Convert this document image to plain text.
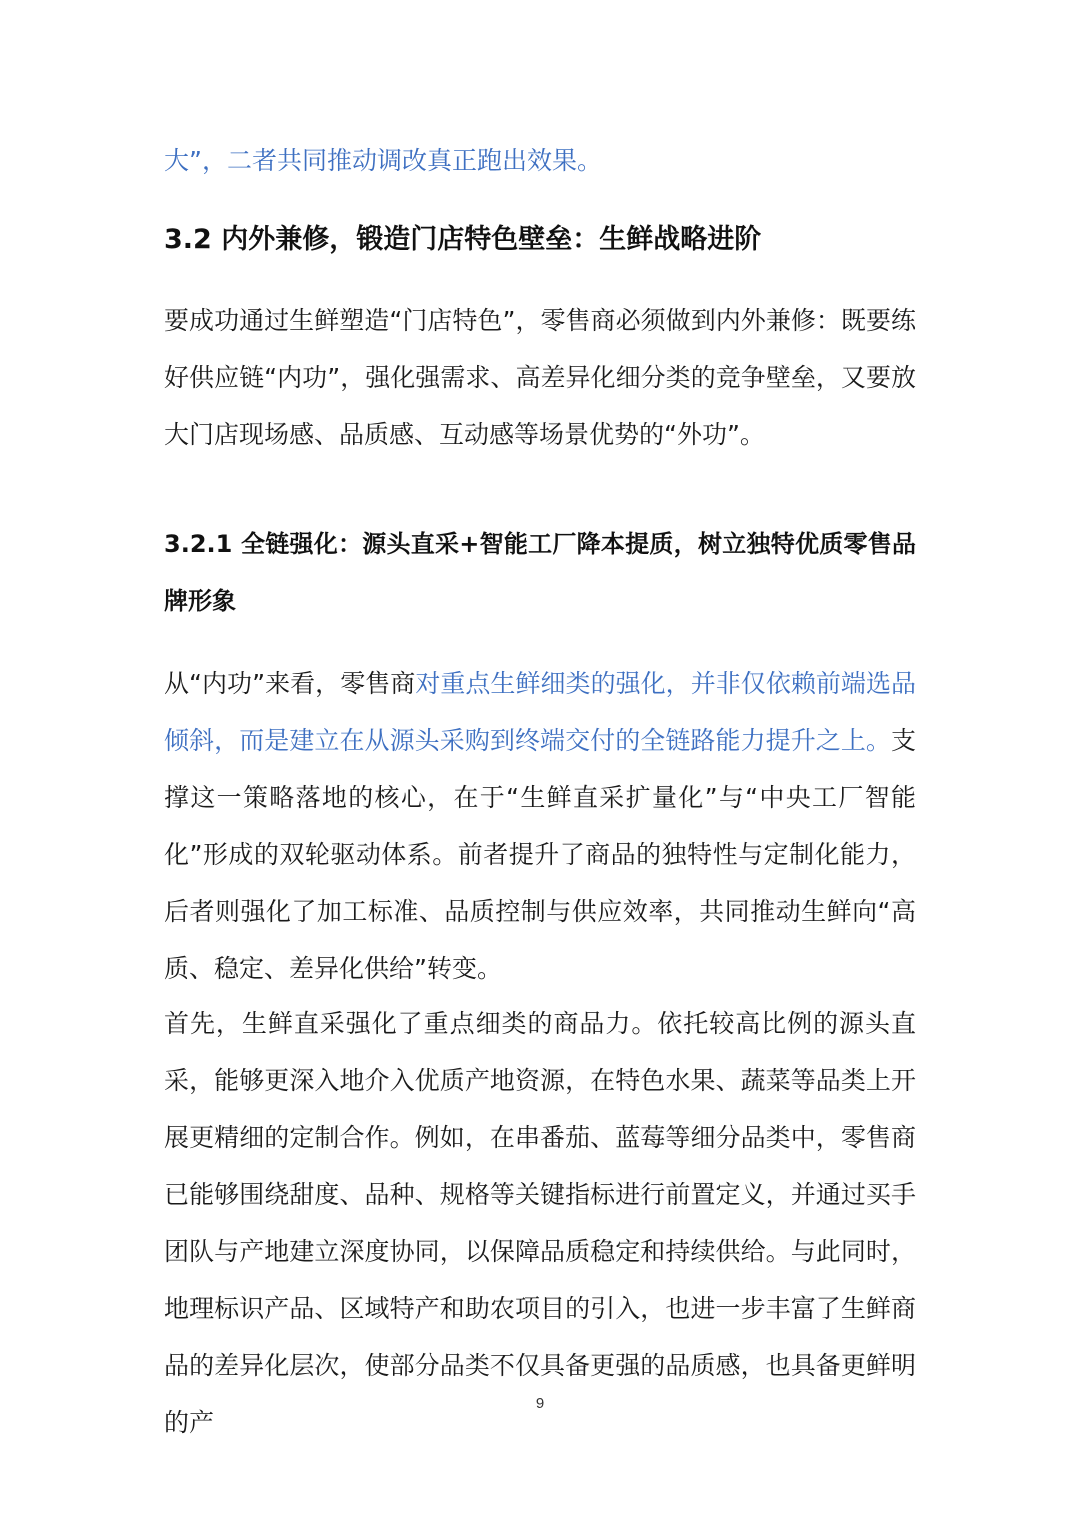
大”，二者共同推动调改真正跑出效果。

3.2 内外兼修，锻造门店特色壁垒：生鲜战略进阶

要成功通过生鲜塑造“门店特色”，零售商必须做到内外兼修：既要练好供应链“内功”，强化强需求、高差异化细分类的竞争壁垒，又要放大门店现场感、品质感、互动感等场景优势的“外功”。

3.2.1 全链强化：源头直采+智能工厂降本提质，树立独特优质零售品牌形象

从“内功”来看，零售商对重点生鲜细类的强化，并非仅依赖前端选品倾斜，而是建立在从源头采购到终端交付的全链路能力提升之上。支撑这一策略落地的核心，在于“生鲜直采扩量化”与“中央工厂智能化”形成的双轮驱动体系。前者提升了商品的独特性与定制化能力，后者则强化了加工标准、品质控制与供应效率，共同推动生鲜向“高质、稳定、差异化供给”转变。

首先，生鲜直采强化了重点细类的商品力。依托较高比例的源头直采，能够更深入地介入优质产地资源，在特色水果、蔬菜等品类上开展更精细的定制合作。例如，在串番茄、蓝莓等细分品类中，零售商已能够围绕甜度、品种、规格等关键指标进行前置定义，并通过买手团队与产地建立深度协同，以保障品质稳定和持续供给。与此同时，地理标识产品、区域特产和助农项目的引入，也进一步丰富了生鲜商品的差异化层次，使部分品类不仅具备更强的品质感，也具备更鲜明的产

9
